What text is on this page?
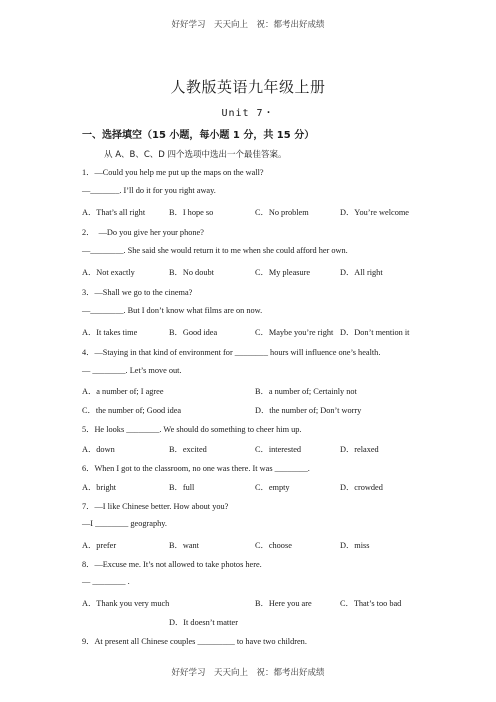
好好学习　天天向上　祝：都考出好成绩
人教版英语九年级上册
Unit 7・
一、选择填空（15 小题，每小题 1 分，共 15 分）
从 A、B、C、D 四个选项中选出一个最佳答案。
1．—Could you help me put up the maps on the wall?
—_______. I’ll do it for you right away.
A．That’s all right	B．I hope so	C．No problem	D．You’re welcome
2．　—Do you give her your phone?
—________. She said she would return it to me when she could afford her own.
A．Not exactly	B．No doubt	C．My pleasure	D．All right
3．—Shall we go to the cinema?
—________. But I don’t know what films are on now.
A．It takes time	B．Good idea	C．Maybe you’re right D．Don’t mention it
4．—Staying in that kind of environment for ________ hours will influence one’s health.
— ________. Let’s move out.
A．a number of; I agree	B．a number of; Certainly not
C．the number of; Good idea	D．the number of; Don’t worry
5．He looks ________. We should do something to cheer him up.
A．down	B．excited	C．interested	D．relaxed
6．When I got to the classroom, no one was there. It was ________.
A．bright	B．full	C．empty	D．crowded
7．—I like Chinese better. How about you?
—I ________ geography.
A．prefer	B．want	C．choose	D．miss
8．—Excuse me. It’s not allowed to take photos here.
— ________ .
A．Thank you very much	B．Here you are	C．That’s too bad
D．It doesn’t matter
9．At present all Chinese couples _________ to have two children.
好好学习　天天向上　祝：都考出好成绩
